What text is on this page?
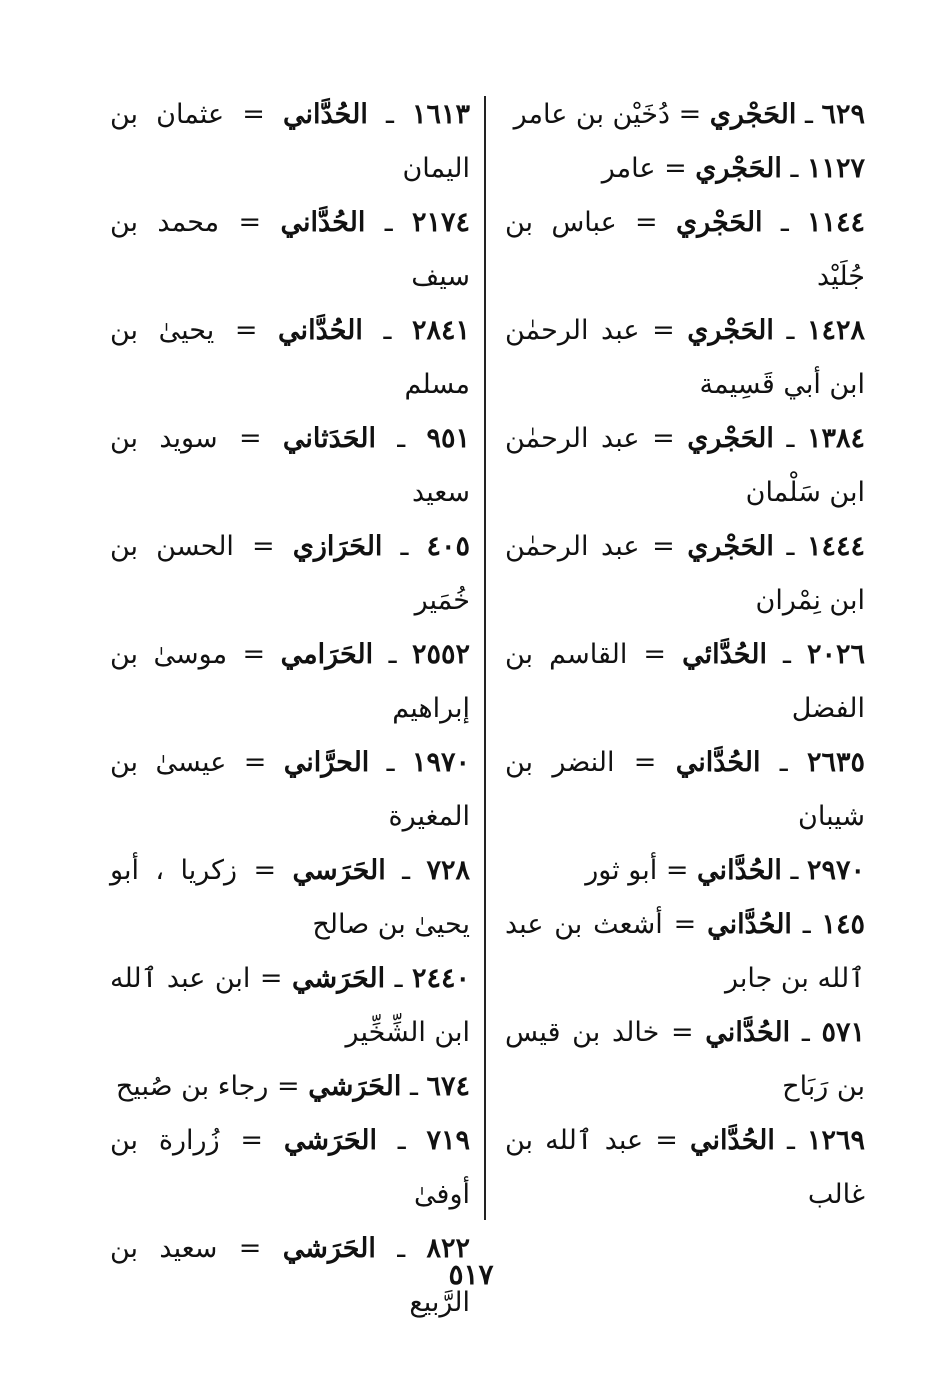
٦٢٩ ـ الحَجْري = دُخَيْن بن عامر

١١٢٧ ـ الحَجْري = عامر

١١٤٤ ـ الحَجْري = عباس بن جُلَيْد

١٤٢٨ ـ الحَجْري = عبد الرحمٰن ابن أبي قَسِيمة

١٣٨٤ ـ الحَجْري = عبد الرحمٰن ابن سَلْمان

١٤٤٤ ـ الحَجْري = عبد الرحمٰن ابن نِمْران

٢٠٢٦ ـ الحُدَّائي = القاسم بن الفضل

٢٦٣٥ ـ الحُدَّاني = النضر بن شيبان

٢٩٧٠ ـ الحُدَّاني = أبو ثور

١٤٥ ـ الحُدَّاني = أشعث بن عبد ٱلله بن جابر

٥٧١ ـ الحُدَّاني = خالد بن قيس بن رَبَاح

١٢٦٩ ـ الحُدَّاني = عبد ٱلله بن غالب

١٦١٣ ـ الحُدَّاني = عثمان بن اليمان

٢١٧٤ ـ الحُدَّاني = محمد بن سيف

٢٨٤١ ـ الحُدَّاني = يحيىٰ بن مسلم

٩٥١ ـ الحَدَثاني = سويد بن سعيد

٤٠٥ ـ الحَرَازي = الحسن بن خُمَير

٢٥٥٢ ـ الحَرَامي = موسىٰ بن إبراهيم

١٩٧٠ ـ الحرَّاني = عيسىٰ بن المغيرة

٧٢٨ ـ الحَرَسي = زكريا ، أبو يحيىٰ بن صالح

٢٤٤٠ ـ الحَرَشي = ابن عبد ٱلله ابن الشِّخِّير

٦٧٤ ـ الحَرَشي = رجاء بن صُبيح

٧١٩ ـ الحَرَشي = زُرارة بن أوفىٰ

٨٢٢ ـ الحَرَشي = سعيد بن الرَّبيع

٥١٧
